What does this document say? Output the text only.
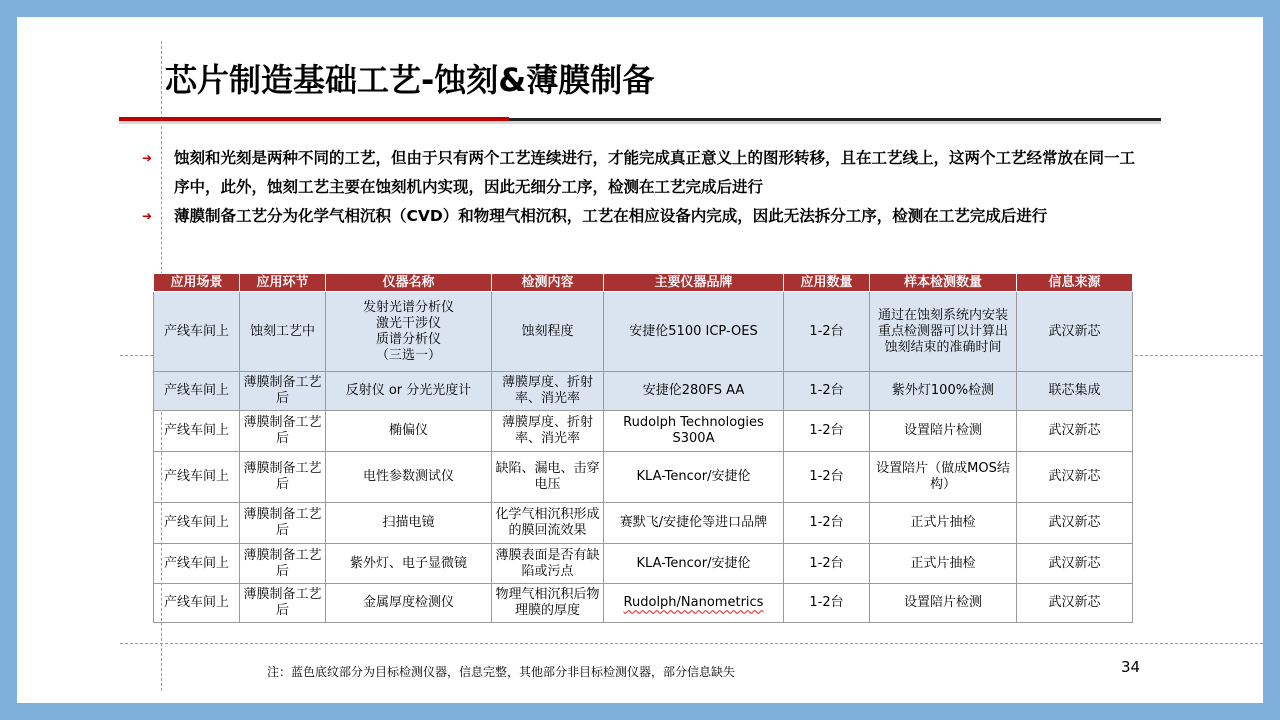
芯片制造基础工艺-蚀刻&薄膜制备
➜	蚀刻和光刻是两种不同的工艺，但由于只有两个工艺连续进行，才能完成真正意义上的图形转移，且在工艺线上，这两个工艺经常放在同一工序中，此外，蚀刻工艺主要在蚀刻机内实现，因此无细分工序，检测在工艺完成后进行
➜	薄膜制备工艺分为化学气相沉积（CVD）和物理气相沉积，工艺在相应设备内完成，因此无法拆分工序，检测在工艺完成后进行
应用场景	应用环节	仪器名称	检测内容	主要仪器品牌	应用数量	样本检测数量	信息来源
产线车间上	蚀刻工艺中	发射光谱分析仪
激光干涉仪
质谱分析仪
（三选一）	蚀刻程度	安捷伦5100 ICP-OES	1-2台	通过在蚀刻系统内安装重点检测器可以计算出蚀刻结束的准确时间	武汉新芯
产线车间上	薄膜制备工艺后	反射仪 or 分光光度计	薄膜厚度、折射率、消光率	安捷伦280FS AA	1-2台	紫外灯100%检测	联芯集成
产线车间上	薄膜制备工艺后	椭偏仪	薄膜厚度、折射率、消光率	Rudolph Technologies S300A	1-2台	设置陪片检测	武汉新芯
产线车间上	薄膜制备工艺后	电性参数测试仪	缺陷、漏电、击穿电压	KLA-Tencor/安捷伦	1-2台	设置陪片（做成MOS结构）	武汉新芯
产线车间上	薄膜制备工艺后	扫描电镜	化学气相沉积形成的膜回流效果	赛默飞/安捷伦等进口品牌	1-2台	正式片抽检	武汉新芯
产线车间上	薄膜制备工艺后	紫外灯、电子显微镜	薄膜表面是否有缺陷或污点	KLA-Tencor/安捷伦	1-2台	正式片抽检	武汉新芯
产线车间上	薄膜制备工艺后	金属厚度检测仪	物理气相沉积后物理膜的厚度	Rudolph/Nanometrics	1-2台	设置陪片检测	武汉新芯
注：蓝色底纹部分为目标检测仪器，信息完整，其他部分非目标检测仪器，部分信息缺失	34
